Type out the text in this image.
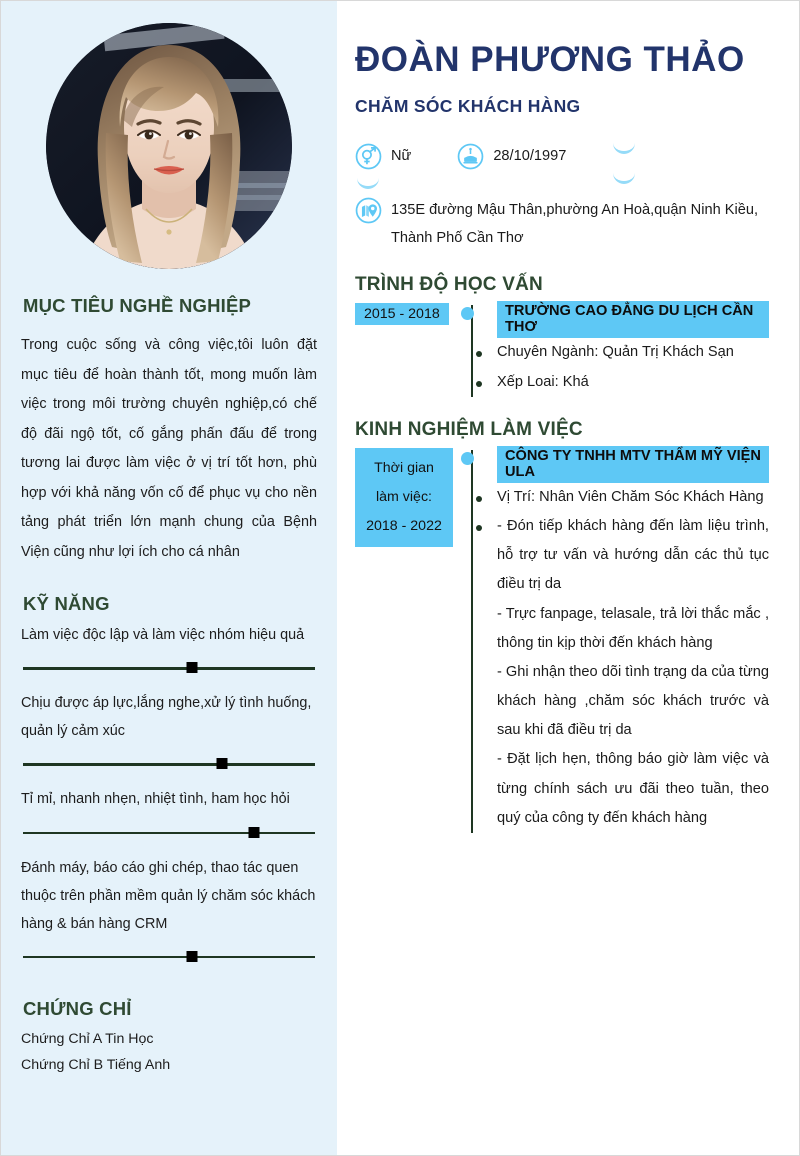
MỤC TIÊU NGHỀ NGHIỆP
Trong cuộc sống và công việc,tôi luôn đặt mục tiêu để hoàn thành tốt, mong muốn làm việc trong môi trường chuyên nghiệp,có chế độ đãi ngộ tốt, cố gắng phấn đấu để trong tương lai được làm việc ở vị trí tốt hơn, phù hợp với khả năng vốn cố để phục vụ cho nền tảng phát triển lớn mạnh chung của Bệnh Viện cũng như lợi ích cho cá nhân
KỸ NĂNG
Làm việc độc lập và làm việc nhóm hiệu quả
Chịu được áp lực,lắng nghe,xử lý tình huống, quản lý cảm xúc
Tỉ mỉ, nhanh nhẹn, nhiệt tình, ham học hỏi
Đánh máy, báo cáo ghi chép, thao tác quen thuộc trên phần mềm quản lý chăm sóc khách hàng & bán hàng CRM
CHỨNG CHỈ
Chứng Chỉ A Tin Học
Chứng Chỉ B Tiếng Anh
ĐOÀN PHƯƠNG THẢO
CHĂM SÓC KHÁCH HÀNG
Nữ	28/10/1997
135E đường Mậu Thân,phường An Hoà,quận Ninh Kiều, Thành Phố Cần Thơ
TRÌNH ĐỘ HỌC VẤN
2015 - 2018	TRƯỜNG CAO ĐẲNG DU LỊCH CẦN THƠ
Chuyên Ngành: Quản Trị Khách Sạn
Xếp Loai: Khá
KINH NGHIỆM LÀM VIỆC
Thời gian
làm việc:
2018 - 2022
CÔNG TY TNHH MTV THẨM MỸ VIỆN ULA
Vị Trí: Nhân Viên Chăm Sóc Khách Hàng
- Đón tiếp khách hàng đến làm liệu trình, hỗ trợ tư vấn và hướng dẫn các thủ tục điều trị da
- Trực fanpage, telasale, trả lời thắc mắc , thông tin kịp thời đến khách hàng
- Ghi nhận theo dõi tình trạng da của từng khách hàng ,chăm sóc khách trước và sau khi đã điều trị da
- Đặt lịch hẹn, thông báo giờ làm việc và từng chính sách ưu đãi theo tuần, theo quý của công ty đến khách hàng
